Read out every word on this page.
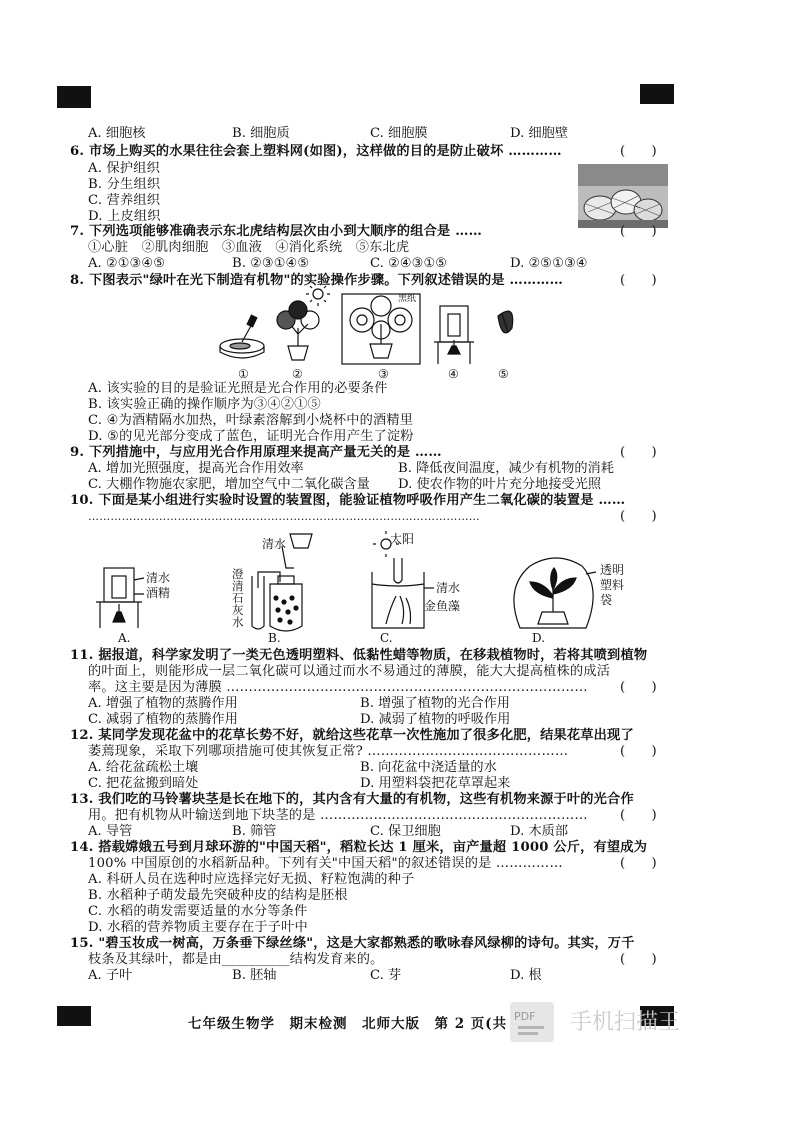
A. 细胞核	B. 细胞质	C. 细胞膜	D. 细胞壁
6. 市场上购买的水果往往会套上塑料网(如图)，这样做的目的是防止破坏 …………	(　　)
A. 保护组织
B. 分生组织
C. 营养组织
D. 上皮组织
7. 下列选项能够准确表示东北虎结构层次由小到大顺序的组合是 ……	(　　)
①心脏　②肌肉细胞　③血液　④消化系统　⑤东北虎
A. ②①③④⑤	B. ②③①④⑤	C. ②④③①⑤	D. ②⑤①③④
8. 下图表示"绿叶在光下制造有机物"的实验操作步骤。下列叙述错误的是 …………	(　　)
黑纸
①	②	③	④	⑤
A. 该实验的目的是验证光照是光合作用的必要条件
B. 该实验正确的操作顺序为③④②①⑤
C. ④为酒精隔水加热，叶绿素溶解到小烧杯中的酒精里
D. ⑤的见光部分变成了蓝色，证明光合作用产生了淀粉
9. 下列措施中，与应用光合作用原理来提高产量无关的是 ……	(　　)
A. 增加光照强度，提高光合作用效率	B. 降低夜间温度，减少有机物的消耗
C. 大棚作物施农家肥，增加空气中二氧化碳含量 D. 使农作物的叶片充分地接受光照
10. 下面是某小组进行实验时设置的装置图，能验证植物呼吸作用产生二氧化碳的装置是 ……
……………………………………………………………………………………………	(　　)
清水
酒精
清水
澄清石灰水
太阳
清水
金鱼藻
透明
塑料
袋
A.	B.	C.	D.
11. 据报道，科学家发明了一类无色透明塑料、低黏性蜡等物质，在移栽植物时，若将其喷到植物
的叶面上，则能形成一层二氧化碳可以通过而水不易通过的薄膜，能大大提高植株的成活
率。这主要是因为薄膜 ……………………………………………………………………… (　　)
A. 增强了植物的蒸腾作用	B. 增强了植物的光合作用
C. 减弱了植物的蒸腾作用	D. 减弱了植物的呼吸作用
12. 某同学发现花盆中的花草长势不好，就给这些花草一次性施加了很多化肥，结果花草出现了
萎蔫现象，采取下列哪项措施可使其恢复正常? ………………………………………	(　　)
A. 给花盆疏松土壤	B. 向花盆中浇适量的水
C. 把花盆搬到暗处	D. 用塑料袋把花草罩起来
13. 我们吃的马铃薯块茎是长在地下的，其内含有大量的有机物，这些有机物来源于叶的光合作
用。把有机物从叶输送到地下块茎的是 …………………………………………………… (　　)
A. 导管	B. 筛管	C. 保卫细胞	D. 木质部
14. 搭载嫦娥五号到月球环游的"中国天稻"，稻粒长达 1 厘米，亩产量超 1000 公斤，有望成为
100% 中国原创的水稻新品种。下列有关"中国天稻"的叙述错误的是 ……………	(　　)
A. 科研人员在选种时应选择完好无损、籽粒饱满的种子
B. 水稻种子萌发最先突破种皮的结构是胚根
C. 水稻的萌发需要适量的水分等条件
D. 水稻的营养物质主要存在于子叶中
15. "碧玉妆成一树高，万条垂下绿丝绦"，这是大家都熟悉的歌咏春风绿柳的诗句。其实，万千
枝条及其绿叶，都是由__________结构发育来的。	(　　)
A. 子叶	B. 胚轴	C. 芽	D. 根
七年级生物学　期末检测　北师大版　第 2 页(共 PDF 手机扫描王
